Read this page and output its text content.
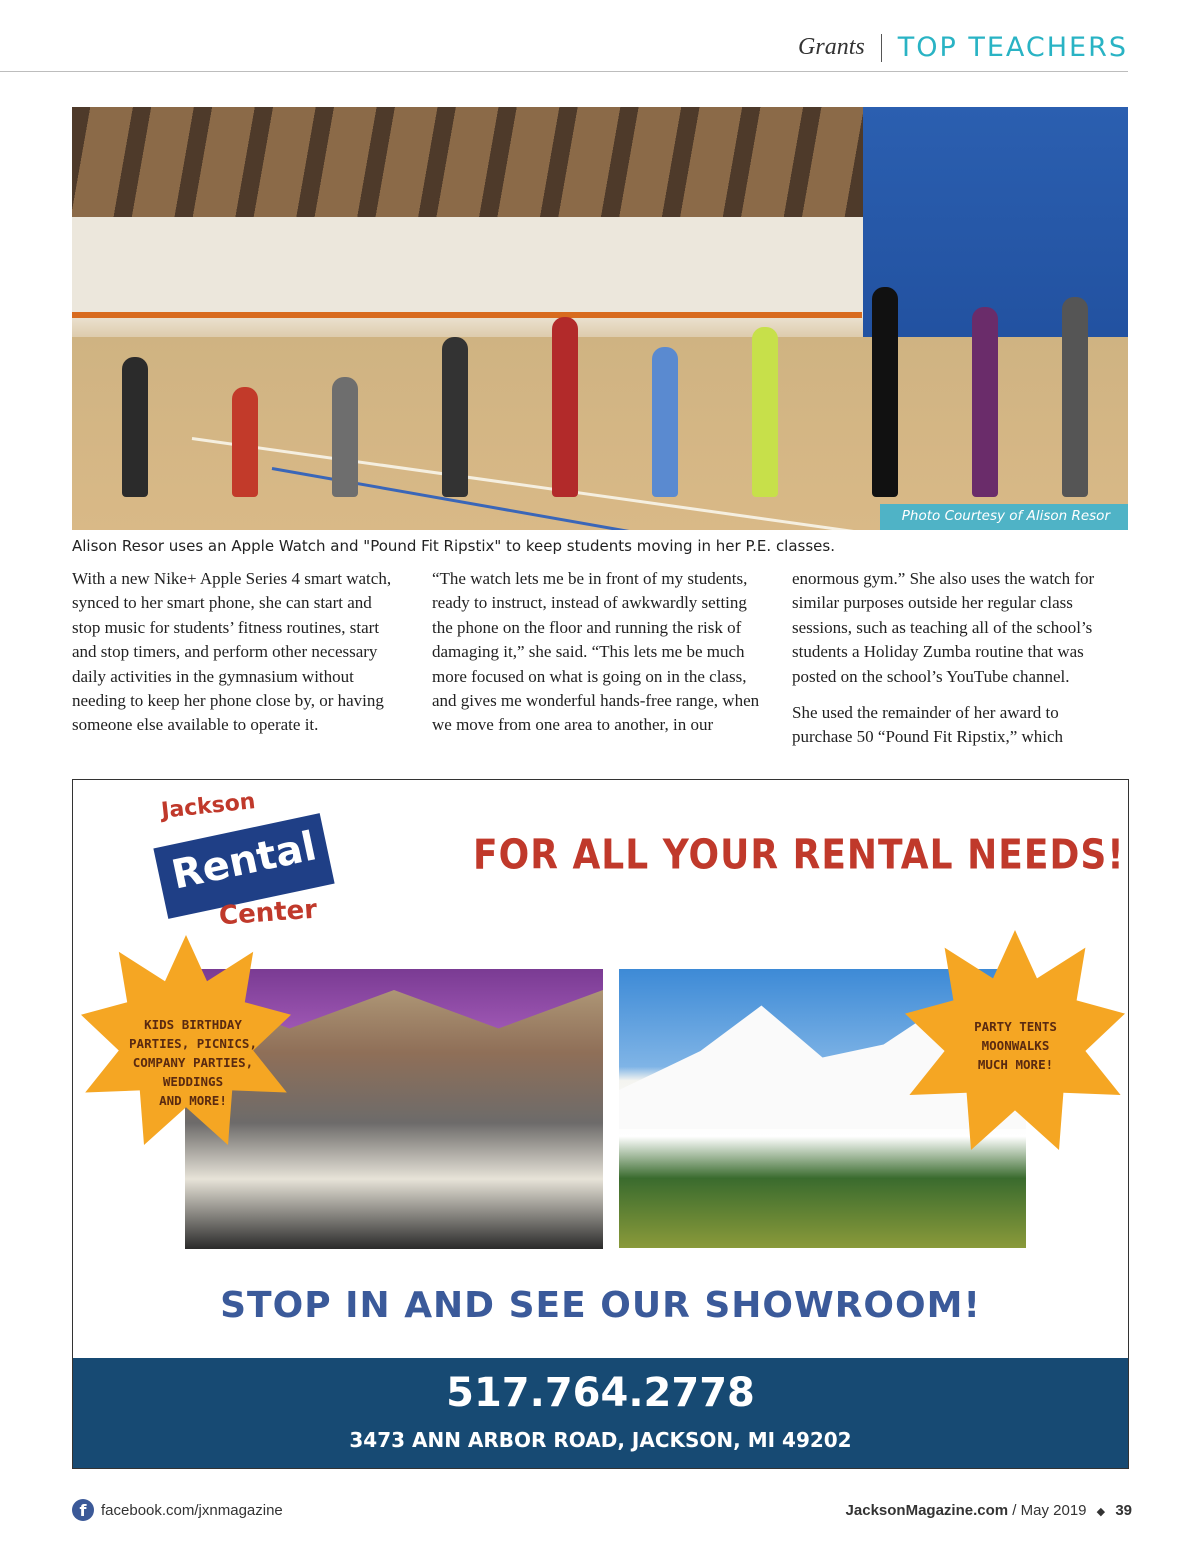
Grants TOP TEACHERS
Photo Courtesy of Alison Resor
Alison Resor uses an Apple Watch and "Pound Fit Ripstix" to keep students moving in her P.E. classes.

With a new Nike+ Apple Series 4 smart watch, synced to her smart phone, she can start and stop music for students’ fitness routines, start and stop timers, and perform other necessary daily activities in the gymnasium without needing to keep her phone close by, or having someone else available to operate it.

“The watch lets me be in front of my students, ready to instruct, instead of awkwardly setting the phone on the floor and running the risk of damaging it,” she said. “This lets me be much more focused on what is going on in the class, and gives me wonderful hands-free range, when we move from one area to another, in our

enormous gym.” She also uses the watch for similar purposes outside her regular class sessions, such as teaching all of the school’s students a Holiday Zumba routine that was posted on the school’s YouTube channel.

She used the remainder of her award to purchase 50 “Pound Fit Ripstix,” which

Jackson
Rental
Center
FOR ALL YOUR RENTAL NEEDS!
KIDS BIRTHDAY
PARTIES, PICNICS,
COMPANY PARTIES,
WEDDINGS
AND MORE!
PARTY TENTS
MOONWALKS
MUCH MORE!
STOP IN AND SEE OUR SHOWROOM!
517.764.2778
3473 ANN ARBOR ROAD, JACKSON, MI 49202
f facebook.com/jxnmagazine	JacksonMagazine.com / May 2019 ◆ 39
